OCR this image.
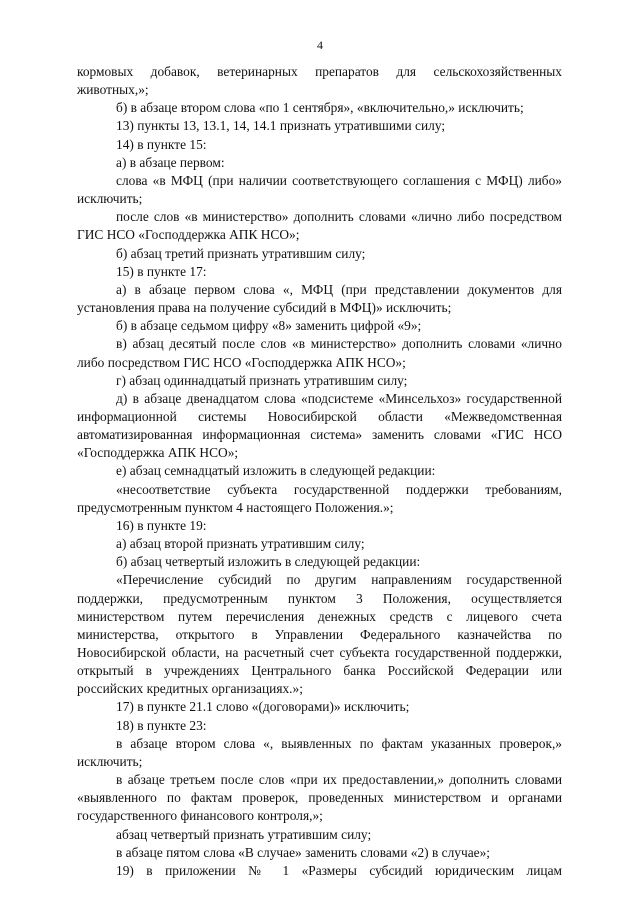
4

кормовых добавок, ветеринарных препаратов для сельскохозяйственных животных,»;

б) в абзаце втором слова «по 1 сентября», «включительно,» исключить;

13) пункты 13, 13.1, 14, 14.1 признать утратившими силу;

14) в пункте 15:

а) в абзаце первом:

слова «в МФЦ (при наличии соответствующего соглашения с МФЦ) либо» исключить;

после слов «в министерство» дополнить словами «лично либо посредством ГИС НСО «Господдержка АПК НСО»;

б) абзац третий признать утратившим силу;

15) в пункте 17:

а) в абзаце первом слова «, МФЦ (при представлении документов для установления права на получение субсидий в МФЦ)» исключить;

б) в абзаце седьмом цифру «8» заменить цифрой «9»;

в) абзац десятый после слов «в министерство» дополнить словами «лично либо посредством ГИС НСО «Господдержка АПК НСО»;

г) абзац одиннадцатый признать утратившим силу;

д) в абзаце двенадцатом слова «подсистеме «Минсельхоз» государственной информационной системы Новосибирской области «Межведомственная автоматизированная информационная система» заменить словами «ГИС НСО «Господдержка АПК НСО»;

е) абзац семнадцатый изложить в следующей редакции:

«несоответствие субъекта государственной поддержки требованиям, предусмотренным пунктом 4 настоящего Положения.»;

16) в пункте 19:

а) абзац второй признать утратившим силу;

б) абзац четвертый изложить в следующей редакции:

«Перечисление субсидий по другим направлениям государственной поддержки, предусмотренным пунктом 3 Положения, осуществляется министерством путем перечисления денежных средств с лицевого счета министерства, открытого в Управлении Федерального казначейства по Новосибирской области, на расчетный счет субъекта государственной поддержки, открытый в учреждениях Центрального банка Российской Федерации или российских кредитных организациях.»;

17) в пункте 21.1 слово «(договорами)» исключить;

18) в пункте 23:

в абзаце втором слова «, выявленных по фактам указанных проверок,» исключить;

в абзаце третьем после слов «при их предоставлении,» дополнить словами «выявленного по фактам проверок, проведенных министерством и органами государственного финансового контроля,»;

абзац четвертый признать утратившим силу;

в абзаце пятом слова «В случае» заменить словами «2) в случае»;

19) в приложении № 1 «Размеры субсидий юридическим лицам
